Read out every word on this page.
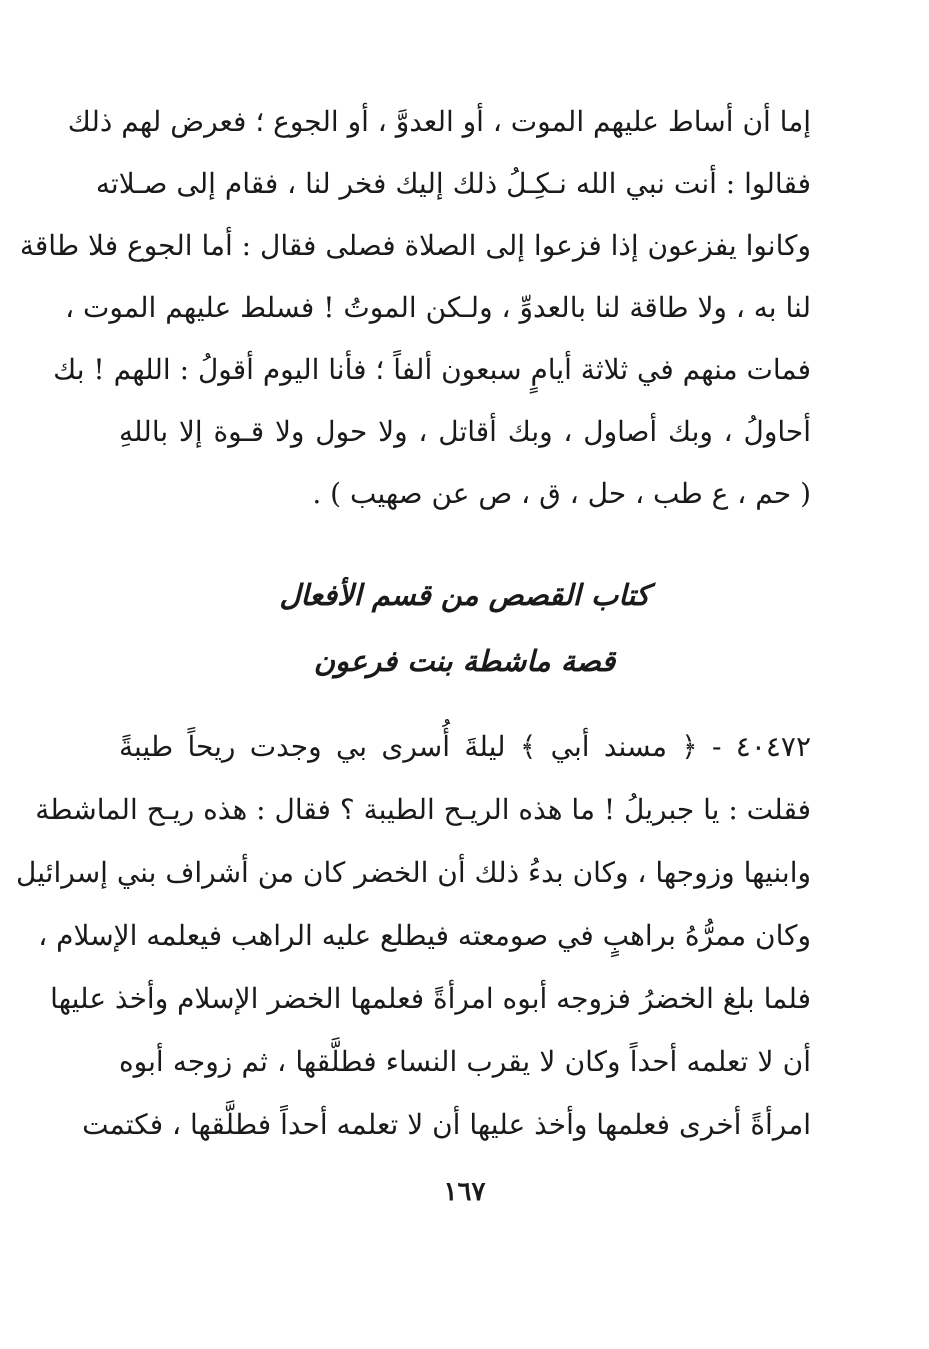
إما أن أساط عليهم الموت ، أو العدوَّ ، أو الجوع ؛ فعرض لهم ذلك
فقالوا : أنت نبي الله نـكِـلُ ذلك إليك فخر لنا ، فقام إلى صـلاته
وكانوا يفزعون إذا فزعوا إلى الصلاة فصلى فقال : أما الجوع فلا طاقة
لنا به ، ولا طاقة لنا بالعدوِّ ، ولـكن الموتُ ! فسلط عليهم الموت ،
فمات منهم في ثلاثة أيامٍ سبعون ألفاً ؛ فأنا اليوم أقولُ : اللهم ! بك
أحاولُ ، وبك أصاول ، وبك أقاتل ، ولا حول ولا قـوة إلا باللهِ
( حم ، ع طب ، حل ، ق ، ص عن صهيب ) .
كتاب القصص من قسم الأفعال
قصة ماشطة بنت فرعون
٤٠٤٧٢ - ﴿ مسند أبي ﴾ ليلةَ أُسرى بي وجدت ريحاً طيبةً
فقلت : يا جبريلُ ! ما هذه الريـح الطيبة ؟ فقال : هذه ريـح الماشطة
وابنيها وزوجها ، وكان بدءُ ذلك أن الخضر كان من أشراف بني إسرائيل
وكان ممرُّهُ براهبٍ في صومعته فيطلع عليه الراهب فيعلمه الإسلام ،
فلما بلغ الخضرُ فزوجه أبوه امرأةً فعلمها الخضر الإسلام وأخذ عليها
أن لا تعلمه أحداً وكان لا يقرب النساء فطلَّقها ، ثم زوجه أبوه
امرأةً أخرى فعلمها وأخذ عليها أن لا تعلمه أحداً فطلَّقها ، فكتمت
١٦٧
